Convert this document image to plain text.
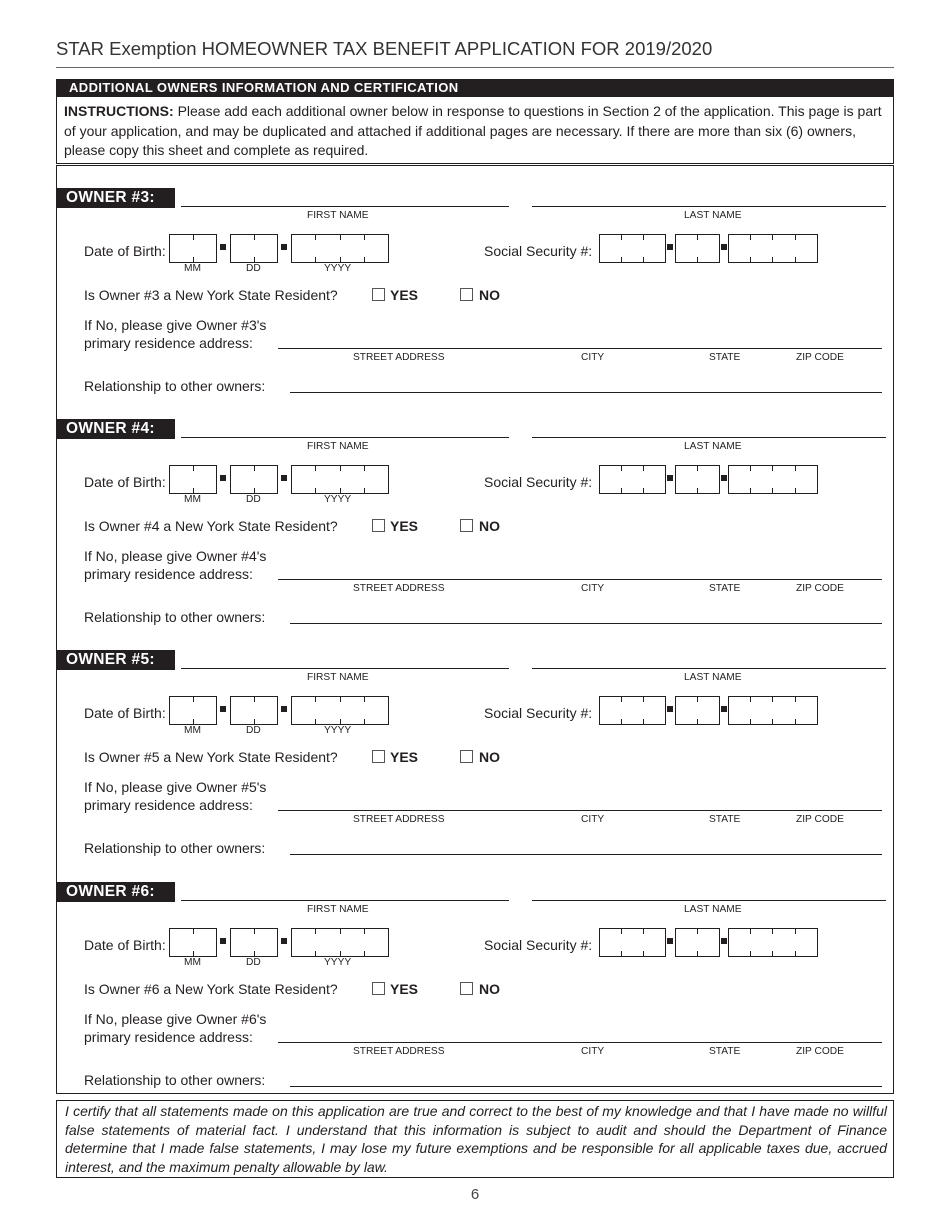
STAR Exemption HOMEOWNER TAX BENEFIT APPLICATION FOR 2019/2020
ADDITIONAL OWNERS INFORMATION AND CERTIFICATION
INSTRUCTIONS: Please add each additional owner below in response to questions in Section 2 of the application. This page is part of your application, and may be duplicated and attached if additional pages are necessary. If there are more than six (6) owners, please copy this sheet and complete as required.
OWNER #3:
FIRST NAME	LAST NAME
Date of Birth:
MM	DD	YYYY
Social Security #:
Is Owner #3 a New York State Resident?	YES	NO
If No, please give Owner #3's
primary residence address:
STREET ADDRESS	CITY	STATE	ZIP CODE
Relationship to other owners:
OWNER #4:
FIRST NAME	LAST NAME
Date of Birth:
MM	DD	YYYY
Social Security #:
Is Owner #4 a New York State Resident?	YES	NO
If No, please give Owner #4's
primary residence address:
STREET ADDRESS	CITY	STATE	ZIP CODE
Relationship to other owners:
OWNER #5:
FIRST NAME	LAST NAME
Date of Birth:
MM	DD	YYYY
Social Security #:
Is Owner #5 a New York State Resident?	YES	NO
If No, please give Owner #5's
primary residence address:
STREET ADDRESS	CITY	STATE	ZIP CODE
Relationship to other owners:
OWNER #6:
FIRST NAME	LAST NAME
Date of Birth:
MM	DD	YYYY
Social Security #:
Is Owner #6 a New York State Resident?	YES	NO
If No, please give Owner #6's
primary residence address:
STREET ADDRESS	CITY	STATE	ZIP CODE
Relationship to other owners:
I certify that all statements made on this application are true and correct to the best of my knowledge and that I have made no willful false statements of material fact. I understand that this information is subject to audit and should the Department of Finance determine that I made false statements, I may lose my future exemptions and be responsible for all applicable taxes due, accrued interest, and the maximum penalty allowable by law.
6
